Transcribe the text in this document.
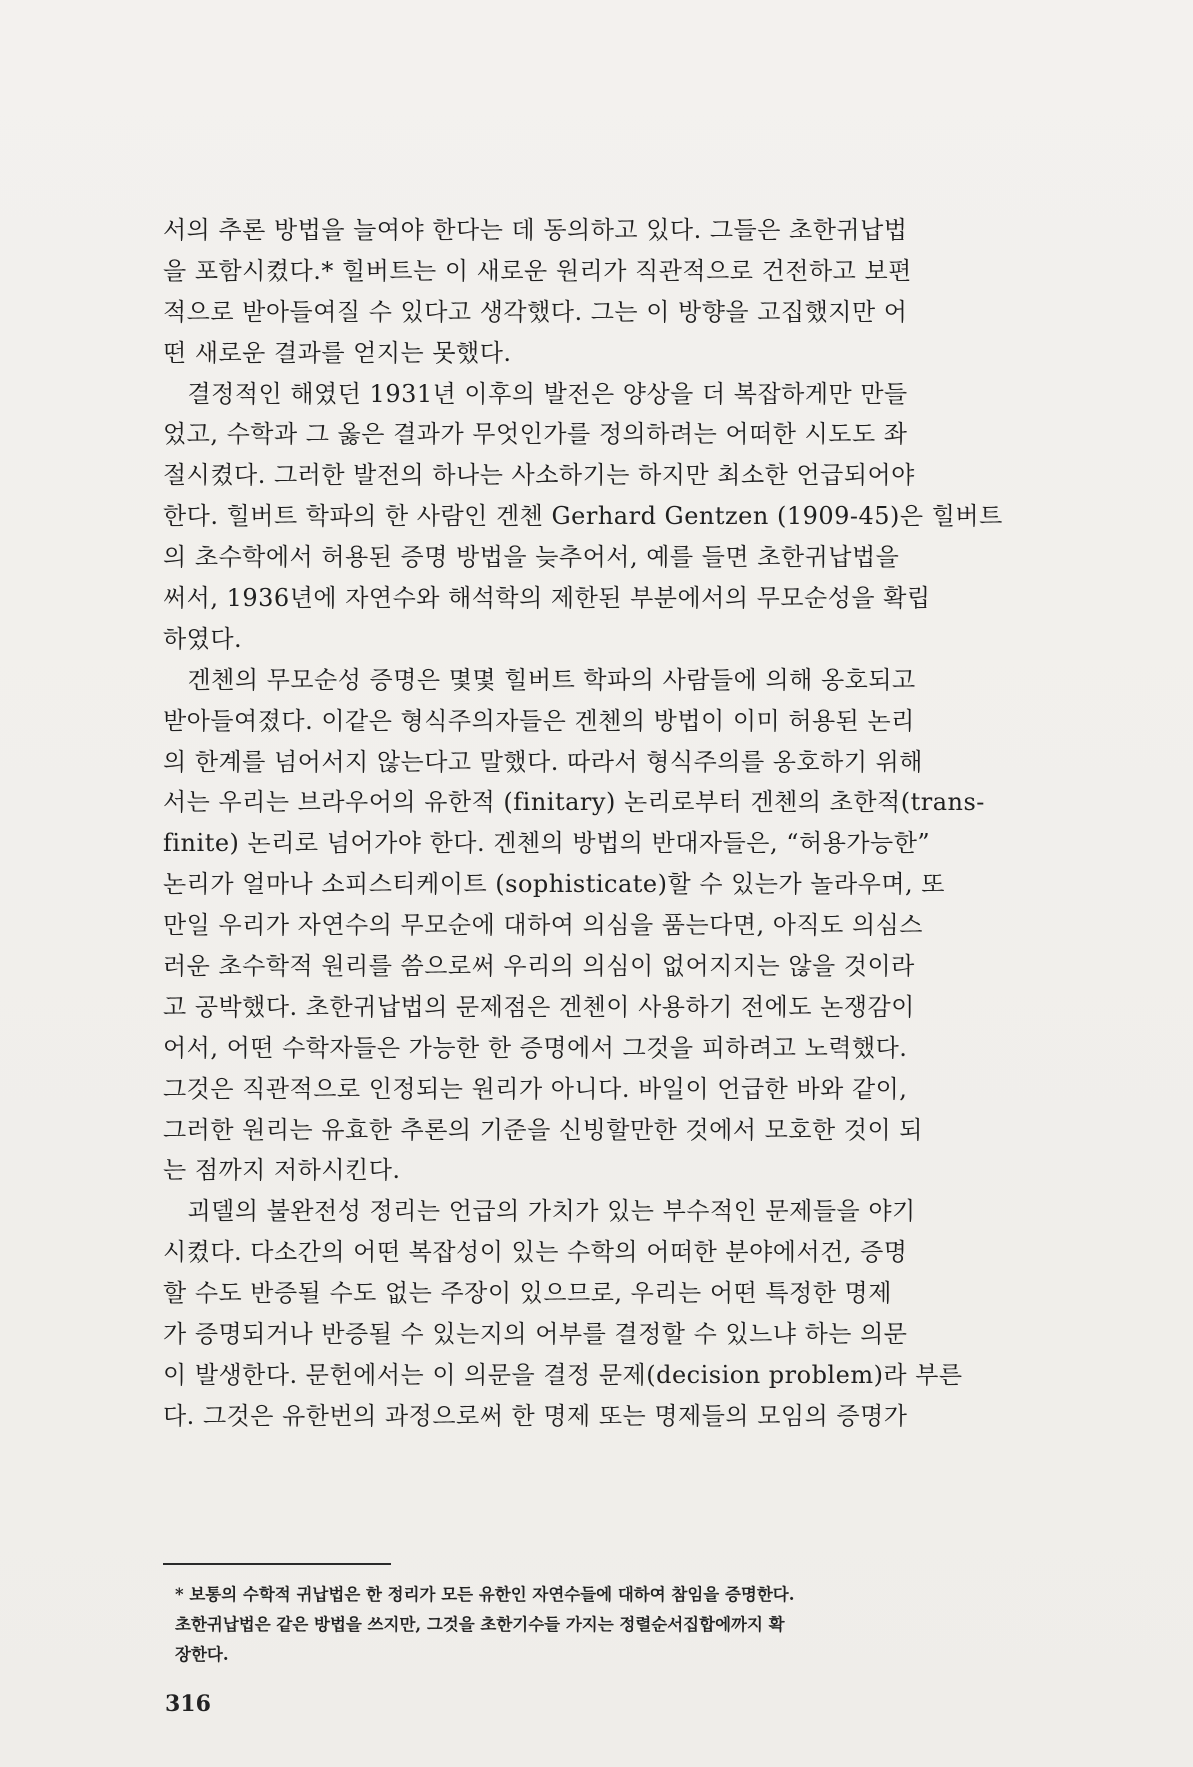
서의 추론 방법을 늘여야 한다는 데 동의하고 있다. 그들은 초한귀납법
을 포함시켰다.* 힐버트는 이 새로운 원리가 직관적으로 건전하고 보편
적으로 받아들여질 수 있다고 생각했다. 그는 이 방향을 고집했지만 어
떤 새로운 결과를 얻지는 못했다.
　결정적인 해였던 1931년 이후의 발전은 양상을 더 복잡하게만 만들
었고, 수학과 그 옳은 결과가 무엇인가를 정의하려는 어떠한 시도도 좌
절시켰다. 그러한 발전의 하나는 사소하기는 하지만 최소한 언급되어야
한다. 힐버트 학파의 한 사람인 겐첸 Gerhard Gentzen (1909-45)은 힐버트
의 초수학에서 허용된 증명 방법을 늦추어서, 예를 들면 초한귀납법을
써서, 1936년에 자연수와 해석학의 제한된 부분에서의 무모순성을 확립
하였다.
　겐첸의 무모순성 증명은 몇몇 힐버트 학파의 사람들에 의해 옹호되고
받아들여졌다. 이같은 형식주의자들은 겐첸의 방법이 이미 허용된 논리
의 한계를 넘어서지 않는다고 말했다. 따라서 형식주의를 옹호하기 위해
서는 우리는 브라우어의 유한적 (finitary) 논리로부터 겐첸의 초한적(trans-
finite) 논리로 넘어가야 한다. 겐첸의 방법의 반대자들은, “허용가능한”
논리가 얼마나 소피스티케이트 (sophisticate)할 수 있는가 놀라우며, 또
만일 우리가 자연수의 무모순에 대하여 의심을 품는다면, 아직도 의심스
러운 초수학적 원리를 씀으로써 우리의 의심이 없어지지는 않을 것이라
고 공박했다. 초한귀납법의 문제점은 겐첸이 사용하기 전에도 논쟁감이
어서, 어떤 수학자들은 가능한 한 증명에서 그것을 피하려고 노력했다.
그것은 직관적으로 인정되는 원리가 아니다. 바일이 언급한 바와 같이,
그러한 원리는 유효한 추론의 기준을 신빙할만한 것에서 모호한 것이 되
는 점까지 저하시킨다.
　괴델의 불완전성 정리는 언급의 가치가 있는 부수적인 문제들을 야기
시켰다. 다소간의 어떤 복잡성이 있는 수학의 어떠한 분야에서건, 증명
할 수도 반증될 수도 없는 주장이 있으므로, 우리는 어떤 특정한 명제
가 증명되거나 반증될 수 있는지의 어부를 결정할 수 있느냐 하는 의문
이 발생한다. 문헌에서는 이 의문을 결정 문제(decision problem)라 부른
다. 그것은 유한번의 과정으로써 한 명제 또는 명제들의 모임의 증명가
* 보통의 수학적 귀납법은 한 정리가 모든 유한인 자연수들에 대하여 참임을 증명한다.
초한귀납법은 같은 방법을 쓰지만, 그것을 초한기수들 가지는 정렬순서집합에까지 확
장한다.
316
